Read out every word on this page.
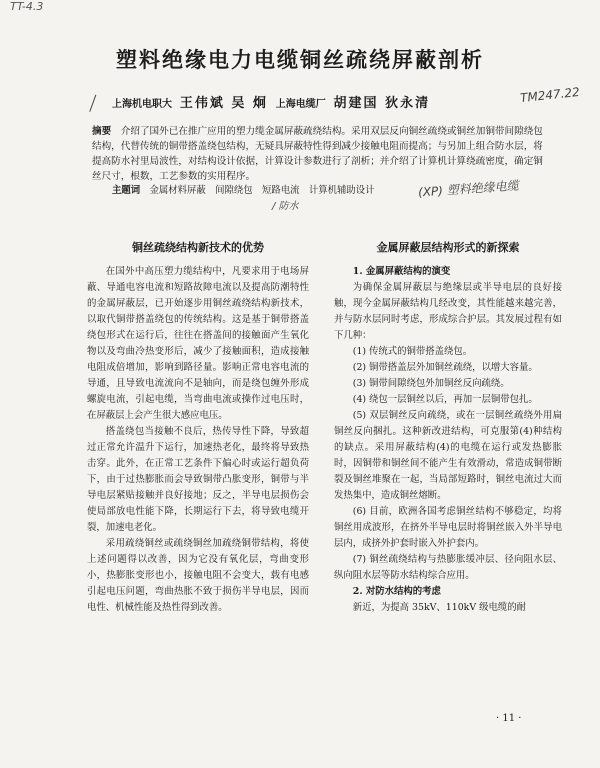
TT-4.3
塑料绝缘电力电缆铜丝疏绕屏蔽剖析
上海机电职大 王伟斌 吴 炯 上海电缆厂 胡建国 狄永清	TM247.22
摘要　 介绍了国外已在推广应用的塑力缆金属屏蔽疏绕结构。采用双层反向铜丝疏绕或铜丝加铜带间隙绕包结构，代替传统的铜带搭盖绕包结构，无疑具屏蔽特性得到减少接触电阻而提高；与另加上组合防水层，将提高防水衬里局波性，对结构设计依据，计算设计参数进行了剖析；并介绍了计算机计算绕疏密度，确定铜丝尺寸，根数，工艺参数的实用程序。
主题词　 金属材料屏蔽　间隙绕包　短路电流　计算机辅助设计	(XP) 塑料绝缘电缆
/ 防水
铜丝疏绕结构新技术的优势

在国外中高压塑力缆结构中，凡要求用于电场屏蔽、导通电容电流和短路故障电流以及提高防潮特性的金属屏蔽层，已开始逐步用铜丝疏绕结构新技术，以取代铜带搭盖绕包的传统结构。这是基于铜带搭盖绕包形式在运行后，往往在搭盖间的接触面产生氧化物以及弯曲冷热变形后，减少了接触面积，造成接触电阻成倍增加，影响到路径量。影响正常电容电流的导通，且导致电流流向不是轴向，而是绕包缠外形成螺旋电流，引起电缆，当弯曲电流或操作过电压时，在屏蔽层上会产生很大感应电压。

搭盖绕包当接触不良后，热传导性下降，导致超过正常允许温升下运行，加速热老化，最终将导致热击穿。此外，在正常工艺条件下偏心时或运行超负荷下，由于过热膨胀而会导致铜带凸胀变形，铜带与半导电层紧贴接触并良好接地；反之，半导电层损伤会使局部放电性能下降，长期运行下去，将导致电缆开裂，加速电老化。

采用疏绕铜丝或疏绕铜丝加疏绕铜带结构，将使上述问题得以改善，因为它没有氧化层，弯曲变形小，热膨胀变形也小，接触电阻不会变大，载有电感引起电压问题，弯曲热胀不致于损伤半导电层，因而电性、机械性能及热性得到改善。

金属屏蔽层结构形式的新探索

1. 金属屏蔽结构的演变

为确保金属屏蔽层与绝缘层或半导电层的良好接触，现今金属屏蔽结构几经改变，其性能越来越完善，并与防水层同时考虑，形成综合护层。其发展过程有如下几种：

(1) 传统式的铜带搭盖绕包。

(2) 铜带搭盖层外加铜丝疏绕，以增大容量。

(3) 铜带间隙绕包外加铜丝反向疏绕。

(4) 绕包一层铜丝以后，再加一层铜带包扎。

(5) 双层铜丝反向疏绕，或在一层铜丝疏绕外用扁铜丝反向捆扎。这种新改进结构，可克服第(4)种结构的缺点。采用屏蔽结构(4)的电缆在运行或发热膨胀时，因铜带和铜丝间不能产生有效滑动，常造成铜带断裂及铜丝堆聚在一起，当局部短路时，铜丝电流过大而发热集中，造成铜丝熔断。

(6) 目前，欧洲各国考虑铜丝结构不够稳定，均将铜丝用成波形，在挤外半导电层时将铜丝嵌入外半导电层内，成挤外护套时嵌入外护套内。

(7) 铜丝疏绕结构与热膨胀缓冲层、径向阻水层、纵向阻水层等防水结构综合应用。

2. 对防水结构的考虑

新近，为提高 35kV、110kV 级电缆的耐

· 11 ·
